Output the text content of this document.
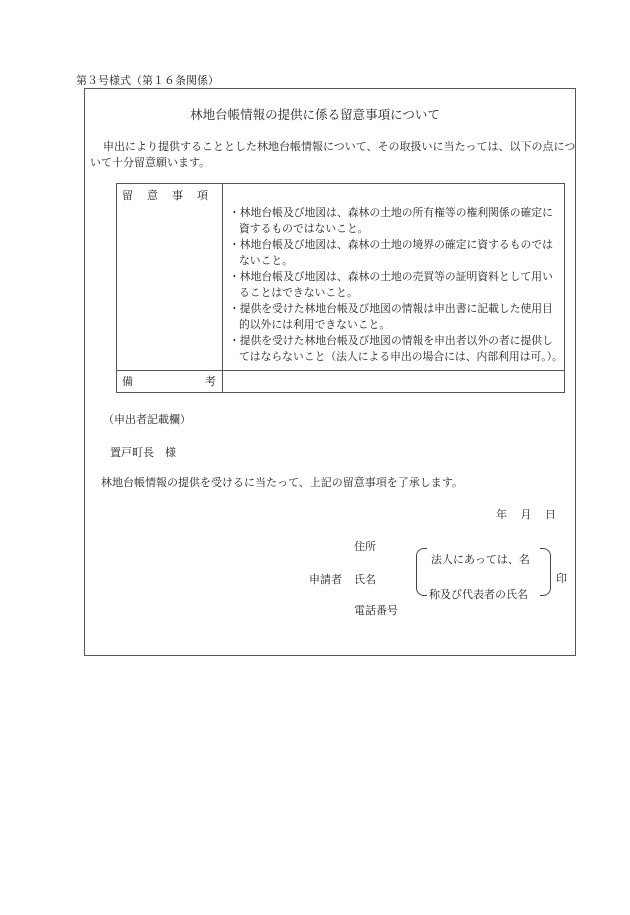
第３号様式（第１６条関係）
林地台帳情報の提供に係る留意事項について
申出により提供することとした林地台帳情報について、その取扱いに当たっては、以下の点につ
いて十分留意願います。
留意事項
・林地台帳及び地図は、森林の土地の所有権等の権利関係の確定に
資するものではないこと。
・林地台帳及び地図は、森林の土地の境界の確定に資するものでは
ないこと。
・林地台帳及び地図は、森林の土地の売買等の証明資料として用い
ることはできないこと。
・提供を受けた林地台帳及び地図の情報は申出書に記載した使用目
的以外には利用できないこと。
・提供を受けた林地台帳及び地図の情報を申出者以外の者に提供し
てはならないこと（法人による申出の場合には、内部利用は可。）。
備	考
（申出者記載欄）
置戸町長　様
林地台帳情報の提供を受けるに当たって、上記の留意事項を了承します。
年 月 日
住所
申請者 氏名
電話番号
法人にあっては、名
称及び代表者の氏名
印
